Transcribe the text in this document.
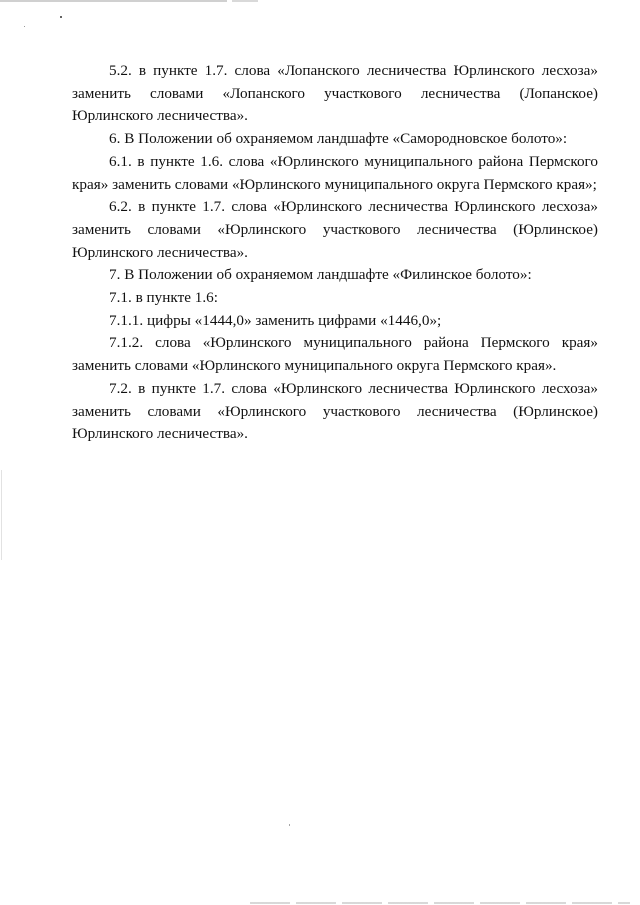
5.2. в пункте 1.7. слова «Лопанского лесничества Юрлинского лесхоза» заменить словами «Лопанского участкового лесничества (Лопанское) Юрлинского лесничества».

6. В Положении об охраняемом ландшафте «Самородновское болото»:

6.1. в пункте 1.6. слова «Юрлинского муниципального района Пермского края» заменить словами «Юрлинского муниципального округа Пермского края»;

6.2. в пункте 1.7. слова «Юрлинского лесничества Юрлинского лесхоза» заменить словами «Юрлинского участкового лесничества (Юрлинское) Юрлинского лесничества».

7. В Положении об охраняемом ландшафте «Филинское болото»:

7.1. в пункте 1.6:

7.1.1. цифры «1444,0» заменить цифрами «1446,0»;

7.1.2. слова «Юрлинского муниципального района Пермского края» заменить словами «Юрлинского муниципального округа Пермского края».

7.2. в пункте 1.7. слова «Юрлинского лесничества Юрлинского лесхоза» заменить словами «Юрлинского участкового лесничества (Юрлинское) Юрлинского лесничества».
